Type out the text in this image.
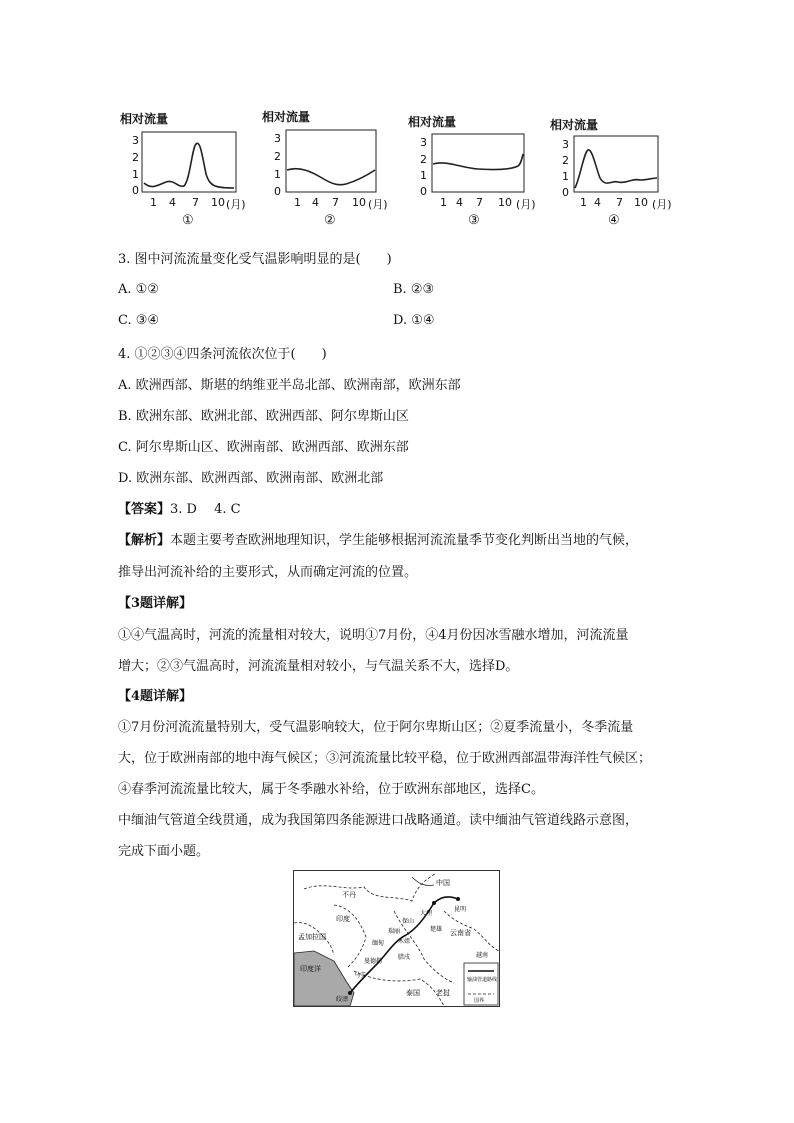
相对流量
3
2
1
0
1 4 7 10 (月)
①
相对流量
3
2
1
0
1 4 7 10 (月)
②
相对流量
3
2
1
0
1 4 7 10 (月)
③
相对流量
3
2
1
0
1 4 7 10 (月)
④
3. 图中河流流量变化受气温影响明显的是(　　)
A. ①②	B. ②③
C. ③④	D. ①④
4. ①②③④四条河流依次位于(　　)
A. 欧洲西部、斯堪的纳维亚半岛北部、欧洲南部，欧洲东部
B. 欧洲东部、欧洲北部、欧洲西部、阿尔卑斯山区
C. 阿尔卑斯山区、欧洲南部、欧洲西部、欧洲东部
D. 欧洲东部、欧洲西部、欧洲南部、欧洲北部
【答案】3. D　 4. C
【解析】本题主要考查欧洲地理知识，学生能够根据河流流量季节变化判断出当地的气候，
推导出河流补给的主要形式，从而确定河流的位置。
【3题详解】
①④气温高时，河流的流量相对较大，说明①7月份，④4月份因冰雪融水增加，河流流量
增大；②③气温高时，河流流量相对较小，与气温关系不大，选择D。
【4题详解】
①7月份河流流量特别大，受气温影响较大，位于阿尔卑斯山区；②夏季流量小，冬季流量
大，位于欧洲南部的地中海气候区；③河流流量比较平稳，位于欧洲西部温带海洋性气候区；
④春季河流流量比较大，属于冬季融水补给，位于欧洲东部地区，选择C。
中缅油气管道全线贯通，成为我国第四条能源进口战略通道。读中缅油气管道线路示意图，
完成下面小题。
中国
不丹
印度
孟加拉国
印度洋
缅甸
瑞丽
保山
大理
昆明
楚雄 云南省
曼德勒
木姐
腊戌
马圭
皎漂
泰国 老挝
越南
输油管道路线
国界
